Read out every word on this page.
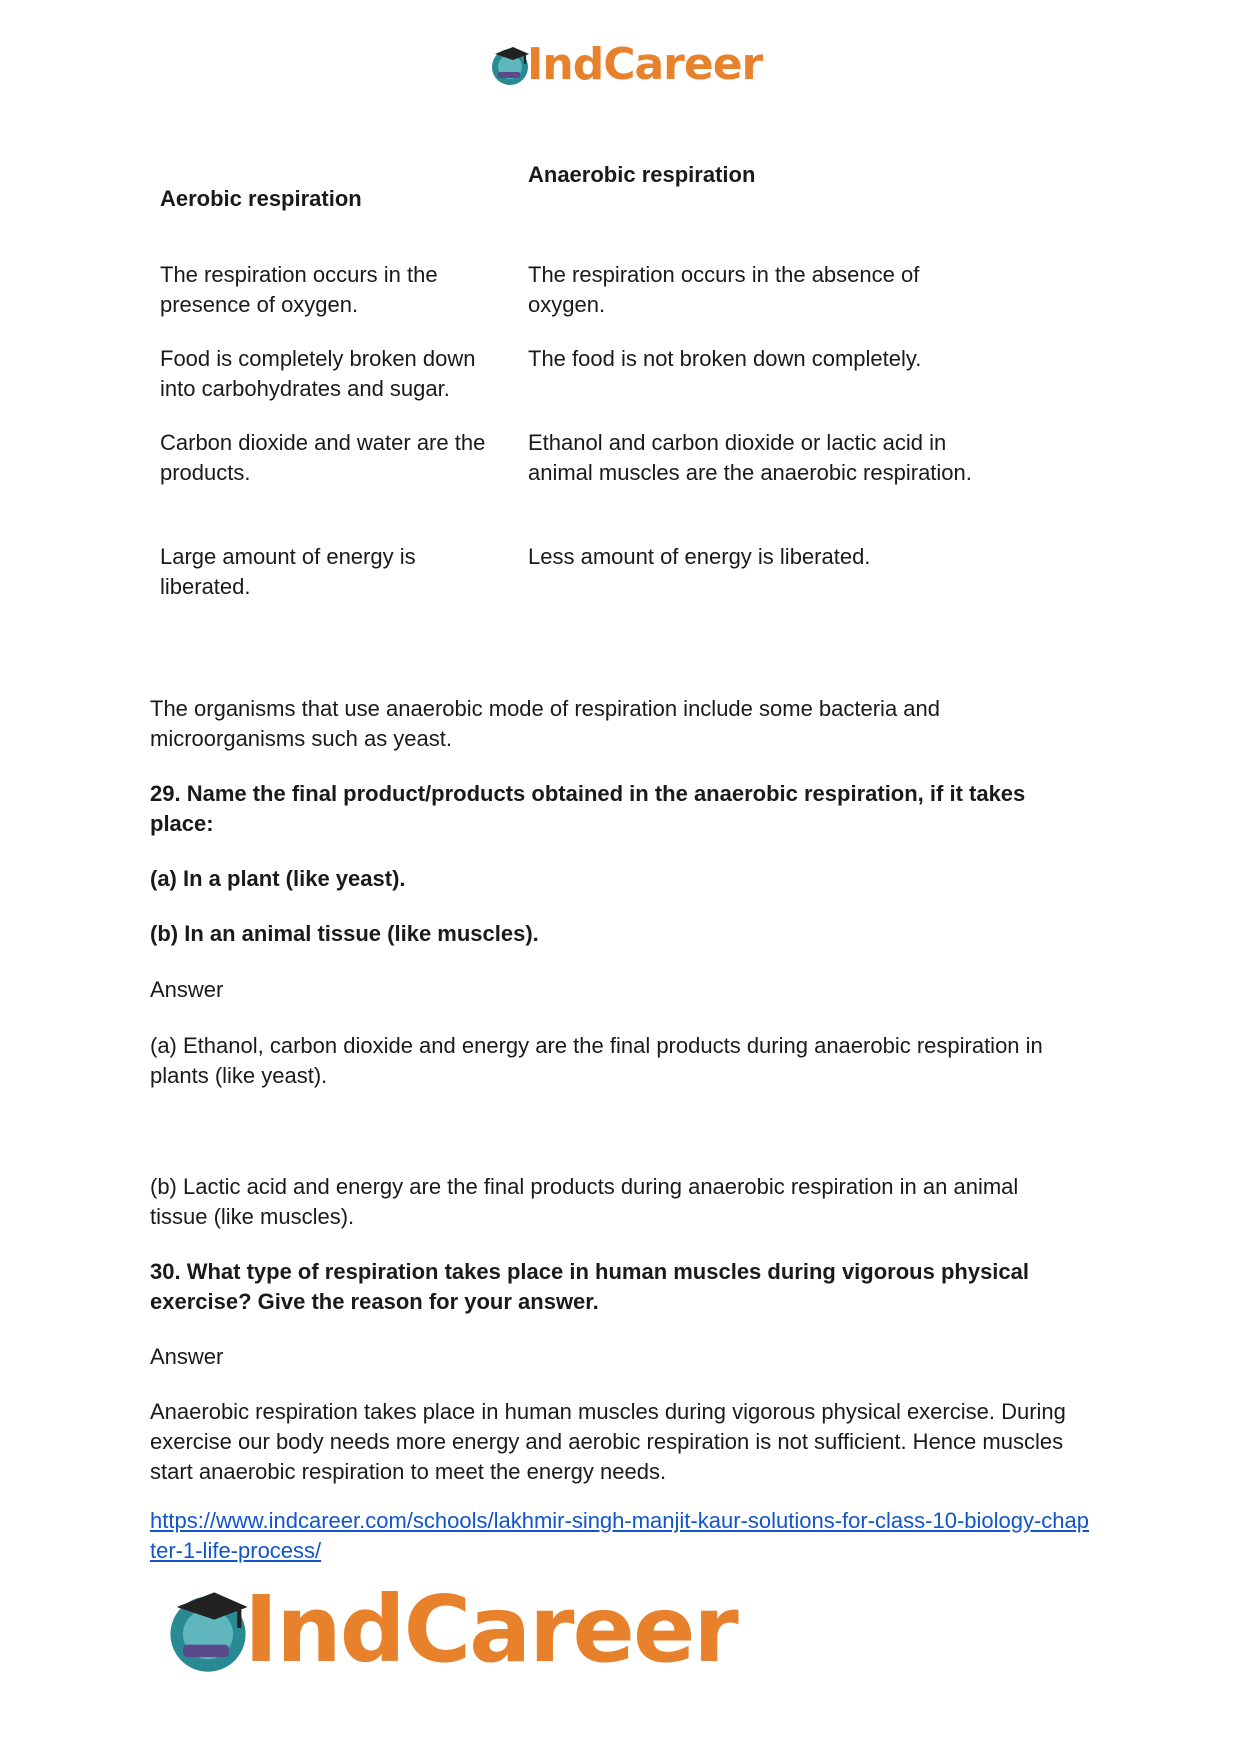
IndCareer
Aerobic respiration
Anaerobic respiration
The respiration occurs in the presence of oxygen.
The respiration occurs in the absence of oxygen.
Food is completely broken down into carbohydrates and sugar.
The food is not broken down completely.
Carbon dioxide and water are the products.
Ethanol and carbon dioxide or lactic acid in animal muscles are the anaerobic respiration.
Large amount of energy is liberated.
Less amount of energy is liberated.

The organisms that use anaerobic mode of respiration include some bacteria and microorganisms such as yeast.

29. Name the final product/products obtained in the anaerobic respiration, if it takes place:

(a) In a plant (like yeast).

(b) In an animal tissue (like muscles).

Answer

(a) Ethanol, carbon dioxide and energy are the final products during anaerobic respiration in plants (like yeast).

(b) Lactic acid and energy are the final products during anaerobic respiration in an animal tissue (like muscles).

30. What type of respiration takes place in human muscles during vigorous physical exercise? Give the reason for your answer.

Answer

Anaerobic respiration takes place in human muscles during vigorous physical exercise. During exercise our body needs more energy and aerobic respiration is not sufficient. Hence muscles start anaerobic respiration to meet the energy needs.

https://www.indcareer.com/schools/lakhmir-singh-manjit-kaur-solutions-for-class-10-biology-chapter-1-life-process/
IndCareer
